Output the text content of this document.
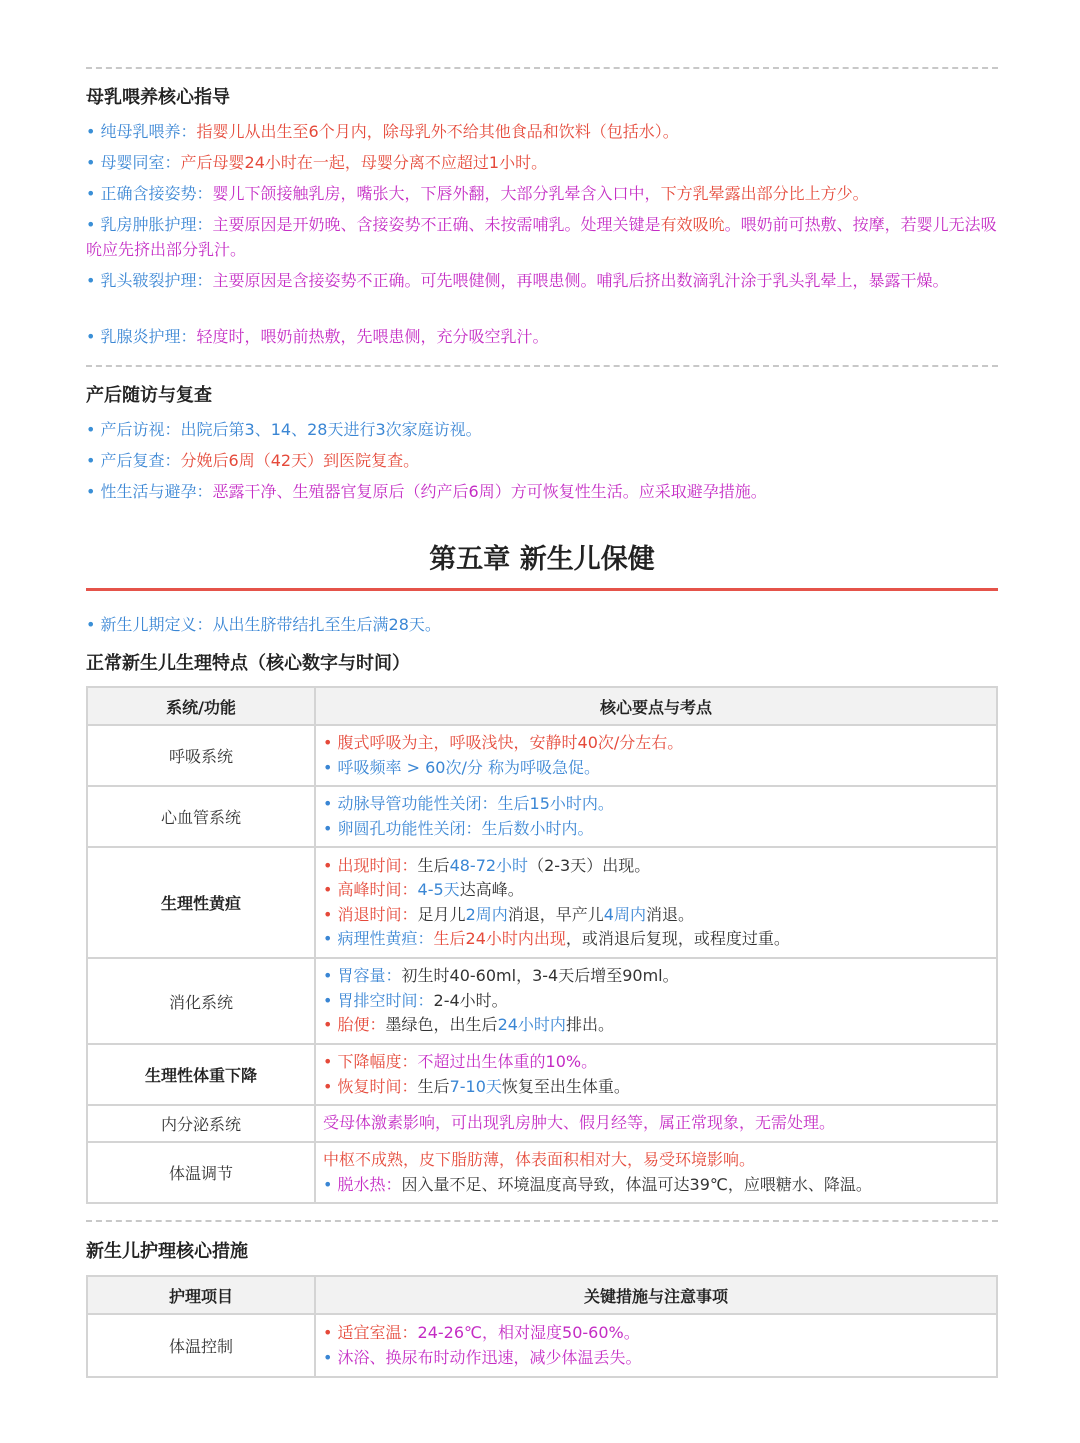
母乳喂养核心指导
• 纯母乳喂养：指婴儿从出生至6个月内，除母乳外不给其他食品和饮料（包括水）。
• 母婴同室：产后母婴24小时在一起，母婴分离不应超过1小时。
• 正确含接姿势：婴儿下颌接触乳房，嘴张大，下唇外翻，大部分乳晕含入口中，下方乳晕露出部分比上方少。
• 乳房肿胀护理：主要原因是开奶晚、含接姿势不正确、未按需哺乳。处理关键是有效吸吮。喂奶前可热敷、按摩，若婴儿无法吸吮应先挤出部分乳汁。
• 乳头皲裂护理：主要原因是含接姿势不正确。可先喂健侧，再喂患侧。哺乳后挤出数滴乳汁涂于乳头乳晕上，暴露干燥。
• 乳腺炎护理：轻度时，喂奶前热敷，先喂患侧，充分吸空乳汁。
产后随访与复查
• 产后访视：出院后第3、14、28天进行3次家庭访视。
• 产后复查：分娩后6周（42天）到医院复查。
• 性生活与避孕：恶露干净、生殖器官复原后（约产后6周）方可恢复性生活。应采取避孕措施。
第五章 新生儿保健
• 新生儿期定义：从出生脐带结扎至生后满28天。
正常新生儿生理特点（核心数字与时间）
系统/功能	核心要点与考点
呼吸系统	• 腹式呼吸为主，呼吸浅快，安静时40次/分左右。
• 呼吸频率 > 60次/分 称为呼吸急促。

心血管系统	• 动脉导管功能性关闭：生后15小时内。
• 卵圆孔功能性关闭：生后数小时内。

生理性黄疸	• 出现时间：生后48-72小时（2-3天）出现。
• 高峰时间：4-5天达高峰。
• 消退时间：足月儿2周内消退，早产儿4周内消退。
• 病理性黄疸：生后24小时内出现，或消退后复现，或程度过重。

消化系统	• 胃容量：初生时40-60ml，3-4天后增至90ml。
• 胃排空时间：2-4小时。
• 胎便：墨绿色，出生后24小时内排出。

生理性体重下降	• 下降幅度：不超过出生体重的10%。
• 恢复时间：生后7-10天恢复至出生体重。

内分泌系统	受母体激素影响，可出现乳房肿大、假月经等，属正常现象，无需处理。

体温调节	中枢不成熟，皮下脂肪薄，体表面积相对大，易受环境影响。
• 脱水热：因入量不足、环境温度高导致，体温可达39℃，应喂糖水、降温。
新生儿护理核心措施
护理项目	关键措施与注意事项
体温控制	• 适宜室温：24-26℃，相对湿度50-60%。
• 沐浴、换尿布时动作迅速，减少体温丢失。
